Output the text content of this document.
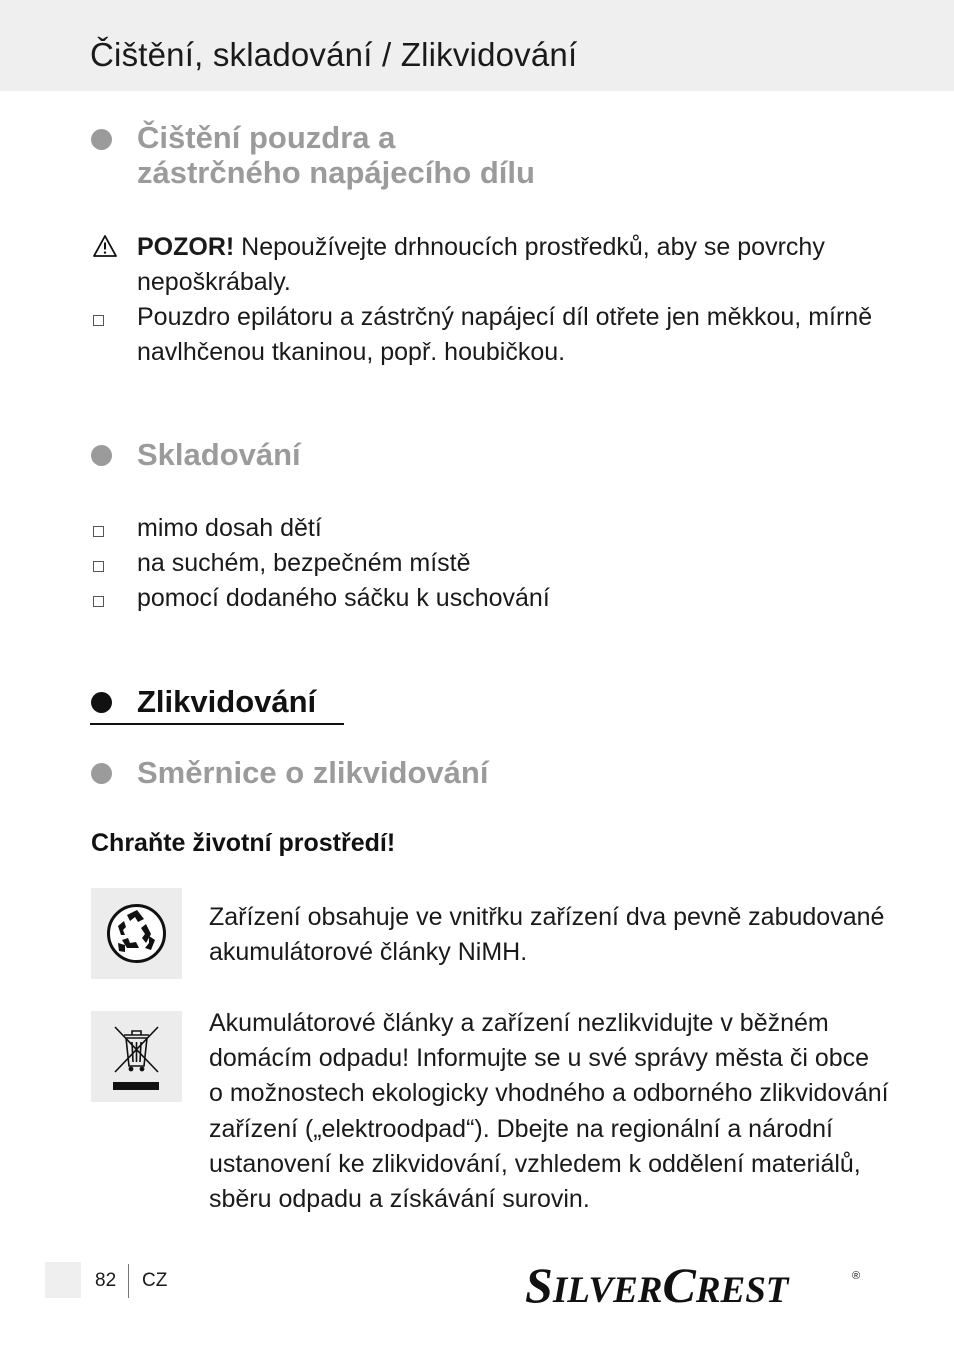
Čištění, skladování / Zlikvidování
Čištění pouzdra a
zástrčného napájecího dílu
POZOR! Nepoužívejte drhnoucích prostředků, aby se povrchy
nepoškrábaly.
Pouzdro epilátoru a zástrčný napájecí díl otřete jen měkkou, mírně
navlhčenou tkaninou, popř. houbičkou.
Skladování
mimo dosah dětí
na suchém, bezpečném místě
pomocí dodaného sáčku k uschování
Zlikvidování
Směrnice o zlikvidování
Chraňte životní prostředí!
Zařízení obsahuje ve vnitřku zařízení dva pevně zabudované
akumulátorové články NiMH.
Akumulátorové články a zařízení nezlikvidujte v běžném
domácím odpadu! Informujte se u své správy města či obce
o možnostech ekologicky vhodného a odborného zlikvidování
zařízení („elektroodpad“). Dbejte na regionální a národní
ustanovení ke zlikvidování, vzhledem k oddělení materiálů,
sběru odpadu a získávání surovin.
82 CZ	SILVERCREST	®
